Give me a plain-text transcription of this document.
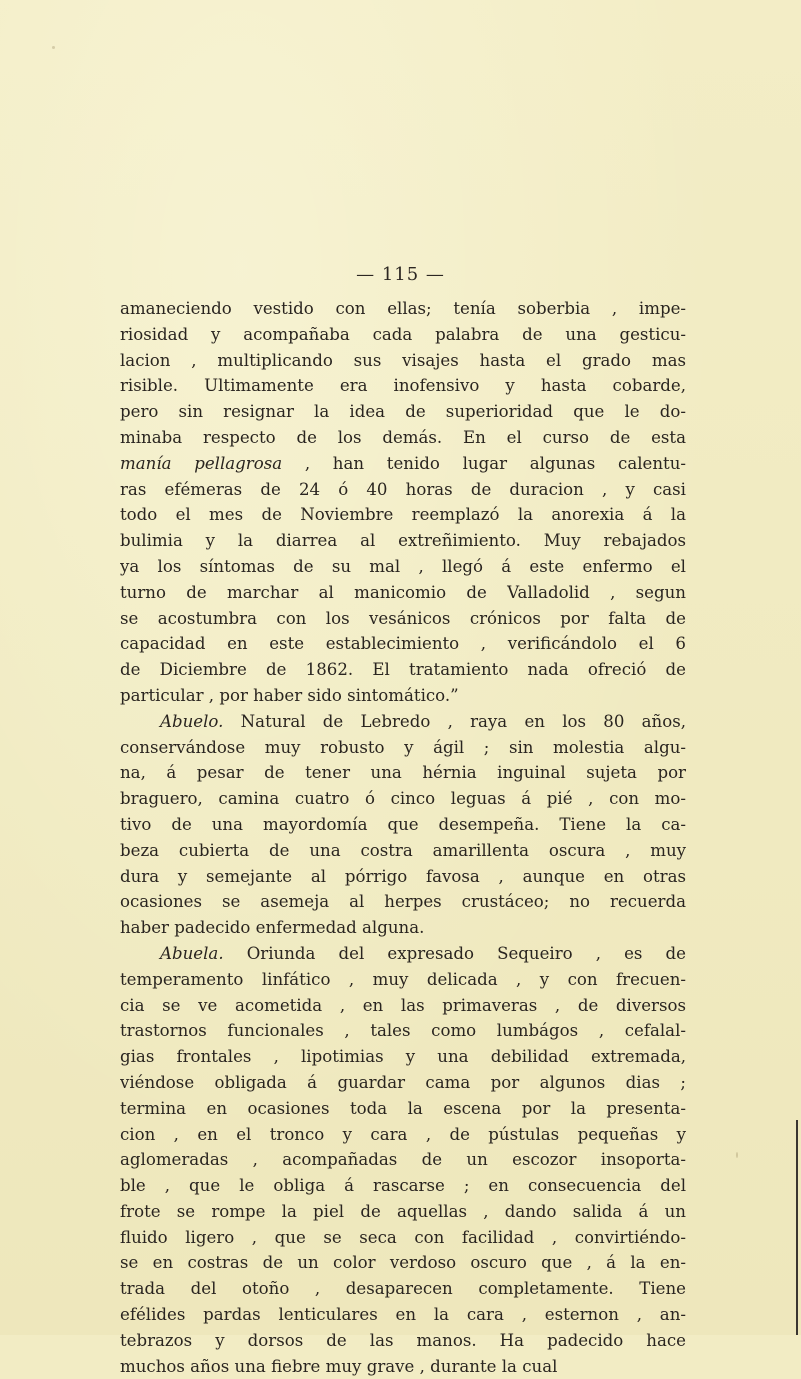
— 115 —
amaneciendo vestido con ellas; tenía soberbia , impe-
riosidad y acompañaba cada palabra de una gesticu-
lacion , multiplicando sus visajes hasta el grado mas
risible. Ultimamente era inofensivo y hasta cobarde,
pero sin resignar la idea de superioridad que le do-
minaba respecto de los demás. En el curso de esta
manía pellagrosa , han tenido lugar algunas calentu-
ras efémeras de 24 ó 40 horas de duracion , y casi
todo el mes de Noviembre reemplazó la anorexia á la
bulimia y la diarrea al extreñimiento. Muy rebajados
ya los síntomas de su mal , llegó á este enfermo el
turno de marchar al manicomio de Valladolid , segun
se acostumbra con los vesánicos crónicos por falta de
capacidad en este establecimiento , verificándolo el 6
de Diciembre de 1862. El tratamiento nada ofreció de
particular , por haber sido sintomático.”
Abuelo. Natural de Lebredo , raya en los 80 años,
conservándose muy robusto y ágil ; sin molestia algu-
na, á pesar de tener una hérnia inguinal sujeta por
braguero, camina cuatro ó cinco leguas á pié , con mo-
tivo de una mayordomía que desempeña. Tiene la ca-
beza cubierta de una costra amarillenta oscura , muy
dura y semejante al pórrigo favosa , aunque en otras
ocasiones se asemeja al herpes crustáceo; no recuerda
haber padecido enfermedad alguna.
Abuela. Oriunda del expresado Sequeiro , es de
temperamento linfático , muy delicada , y con frecuen-
cia se ve acometida , en las primaveras , de diversos
trastornos funcionales , tales como lumbágos , cefalal-
gias frontales , lipotimias y una debilidad extremada,
viéndose obligada á guardar cama por algunos dias ;
termina en ocasiones toda la escena por la presenta-
cion , en el tronco y cara , de pústulas pequeñas y
aglomeradas , acompañadas de un escozor insoporta-
ble , que le obliga á rascarse ; en consecuencia del
frote se rompe la piel de aquellas , dando salida á un
fluido ligero , que se seca con facilidad , convirtiéndo-
se en costras de un color verdoso oscuro que , á la en-
trada del otoño , desaparecen completamente. Tiene
efélides pardas lenticulares en la cara , esternon , an-
tebrazos y dorsos de las manos. Ha padecido hace
muchos años una fiebre muy grave , durante la cual
